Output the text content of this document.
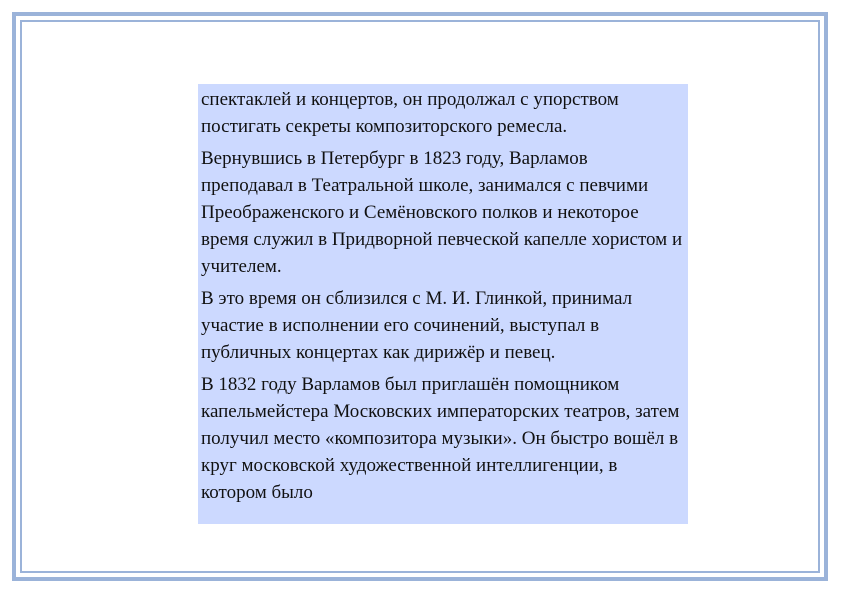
спектаклей и концертов, он продолжал с упорством постигать секреты композиторского ремесла.

Вернувшись в Петербург в 1823 году, Варламов преподавал в Театральной школе, занимался с певчими Преображенского и Семёновского полков и некоторое время служил в Придворной певческой капелле хористом и учителем.

В это время он сблизился с М. И. Глинкой, принимал участие в исполнении его сочинений, выступал в публичных концертах как дирижёр и певец.

В 1832 году Варламов был приглашён помощником капельмейстера Московских императорских театров, затем получил место «композитора музыки». Он быстро вошёл в круг московской художественной интеллигенции, в котором было
